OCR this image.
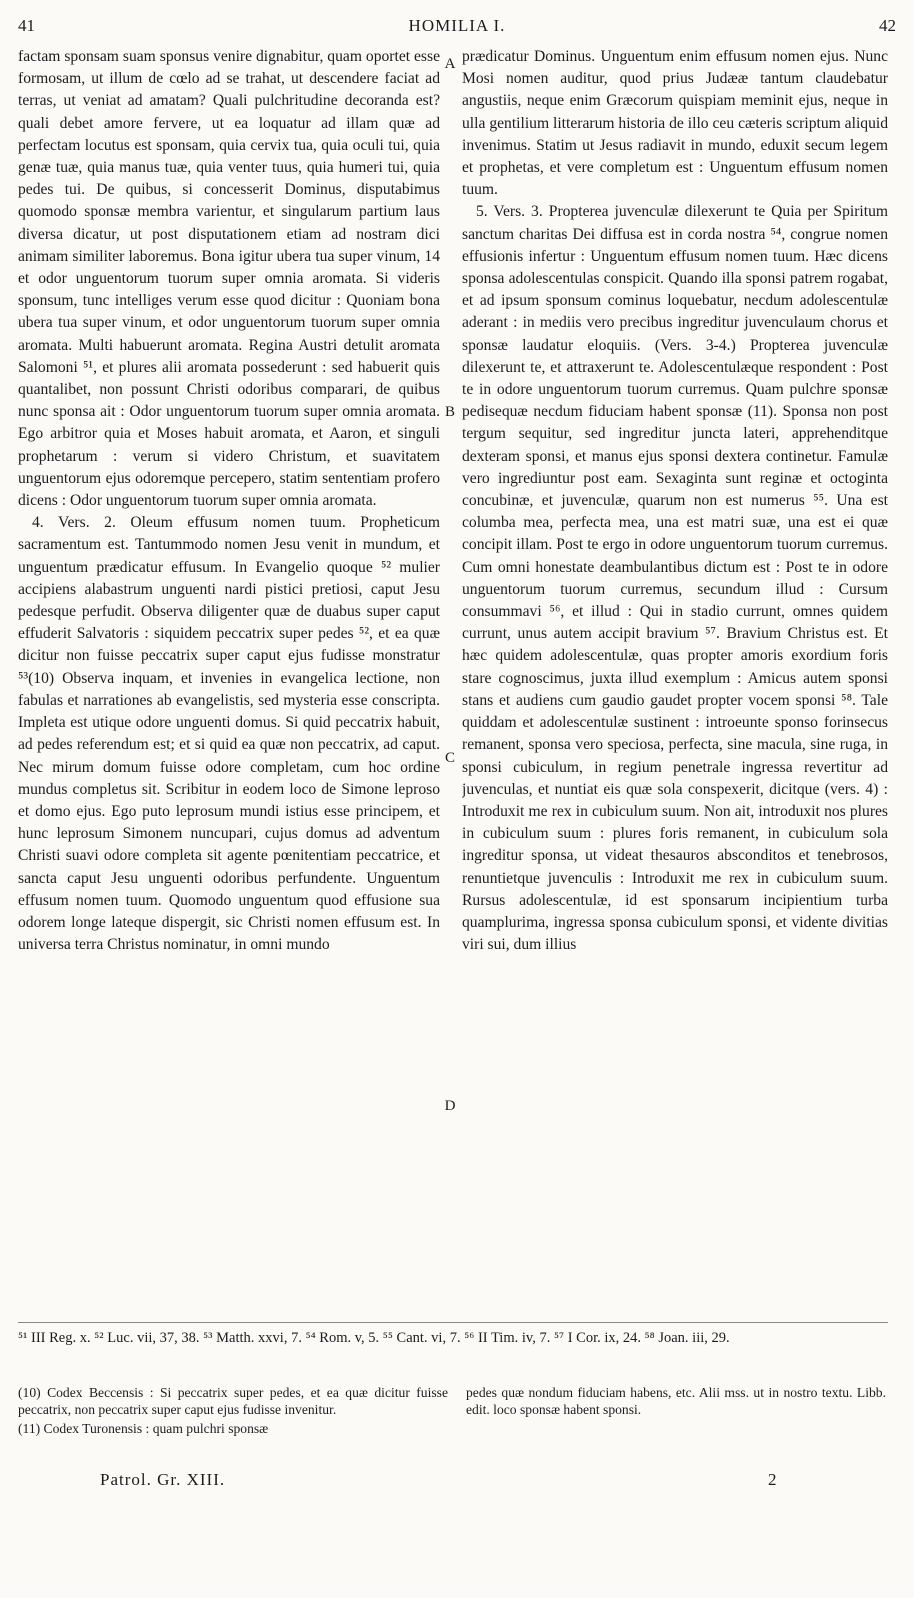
41	HOMILIA I.	42

factam sponsam suam sponsus venire dignabitur, quam oportet esse formosam, ut illum de cœlo ad se trahat, ut descendere faciat ad terras, ut veniat ad amatam? Quali pulchritudine decoranda est? quali debet amore fervere, ut ea loquatur ad illam quæ ad perfectam locutus est sponsam, quia cervix tua, quia oculi tui, quia genæ tuæ, quia manus tuæ, quia venter tuus, quia humeri tui, quia pedes tui. De quibus, si concesserit Dominus, disputabimus quomodo sponsæ membra varientur, et singularum partium laus diversa dicatur, ut post disputationem etiam ad nostram dici animam similiter laboremus. Bona igitur ubera tua super vinum, 14 et odor unguentorum tuorum super omnia aromata. Si videris sponsum, tunc intelliges verum esse quod dicitur : Quoniam bona ubera tua super vinum, et odor unguentorum tuorum super omnia aromata. Multi habuerunt aromata. Regina Austri detulit aromata Salomoni ⁵¹, et plures alii aromata possederunt : sed habuerit quis quantalibet, non possunt Christi odoribus comparari, de quibus nunc sponsa ait : Odor unguentorum tuorum super omnia aromata. Ego arbitror quia et Moses habuit aromata, et Aaron, et singuli prophetarum : verum si videro Christum, et suavitatem unguentorum ejus odoremque percepero, statim sententiam profero dicens : Odor unguentorum tuorum super omnia aromata.

4. Vers. 2. Oleum effusum nomen tuum. Propheticum sacramentum est. Tantummodo nomen Jesu venit in mundum, et unguentum prædicatur effusum. In Evangelio quoque ⁵² mulier accipiens alabastrum unguenti nardi pistici pretiosi, caput Jesu pedesque perfudit. Observa diligenter quæ de duabus super caput effuderit Salvatoris : siquidem peccatrix super pedes ⁵², et ea quæ dicitur non fuisse peccatrix super caput ejus fudisse monstratur ⁵³(10) Observa inquam, et invenies in evangelica lectione, non fabulas et narrationes ab evangelistis, sed mysteria esse conscripta. Impleta est utique odore unguenti domus. Si quid peccatrix habuit, ad pedes referendum est; et si quid ea quæ non peccatrix, ad caput. Nec mirum domum fuisse odore completam, cum hoc ordine mundus completus sit. Scribitur in eodem loco de Simone leproso et domo ejus. Ego puto leprosum mundi istius esse principem, et hunc leprosum Simonem nuncupari, cujus domus ad adventum Christi suavi odore completa sit agente pœnitentiam peccatrice, et sancta caput Jesu unguenti odoribus perfundente. Unguentum effusum nomen tuum. Quomodo unguentum quod effusione sua odorem longe lateque dispergit, sic Christi nomen effusum est. In universa terra Christus nominatur, in omni mundo

A
B
C
D

prædicatur Dominus. Unguentum enim effusum nomen ejus. Nunc Mosi nomen auditur, quod prius Judææ tantum claudebatur angustiis, neque enim Græcorum quispiam meminit ejus, neque in ulla gentilium litterarum historia de illo ceu cæteris scriptum aliquid invenimus. Statim ut Jesus radiavit in mundo, eduxit secum legem et prophetas, et vere completum est : Unguentum effusum nomen tuum.

5. Vers. 3. Propterea juvenculæ dilexerunt te Quia per Spiritum sanctum charitas Dei diffusa est in corda nostra ⁵⁴, congrue nomen effusionis infertur : Unguentum effusum nomen tuum. Hæc dicens sponsa adolescentulas conspicit. Quando illa sponsi patrem rogabat, et ad ipsum sponsum cominus loquebatur, necdum adolescentulæ aderant : in mediis vero precibus ingreditur juvenculaum chorus et sponsæ laudatur eloquiis. (Vers. 3-4.) Propterea juvenculæ dilexerunt te, et attraxerunt te. Adolescentulæque respondent : Post te in odore unguentorum tuorum curremus. Quam pulchre sponsæ pedisequæ necdum fiduciam habent sponsæ (11). Sponsa non post tergum sequitur, sed ingreditur juncta lateri, apprehenditque dexteram sponsi, et manus ejus sponsi dextera continetur. Famulæ vero ingrediuntur post eam. Sexaginta sunt reginæ et octoginta concubinæ, et juvenculæ, quarum non est numerus ⁵⁵. Una est columba mea, perfecta mea, una est matri suæ, una est ei quæ concipit illam. Post te ergo in odore unguentorum tuorum curremus. Cum omni honestate deambulantibus dictum est : Post te in odore unguentorum tuorum curremus, secundum illud : Cursum consummavi ⁵⁶, et illud : Qui in stadio currunt, omnes quidem currunt, unus autem accipit bravium ⁵⁷. Bravium Christus est. Et hæc quidem adolescentulæ, quas propter amoris exordium foris stare cognoscimus, juxta illud exemplum : Amicus autem sponsi stans et audiens cum gaudio gaudet propter vocem sponsi ⁵⁸. Tale quiddam et adolescentulæ sustinent : introeunte sponso forinsecus remanent, sponsa vero speciosa, perfecta, sine macula, sine ruga, in sponsi cubiculum, in regium penetrale ingressa revertitur ad juvenculas, et nuntiat eis quæ sola conspexerit, dicitque (vers. 4) : Introduxit me rex in cubiculum suum. Non ait, introduxit nos plures in cubiculum suum : plures foris remanent, in cubiculum sola ingreditur sponsa, ut videat thesauros absconditos et tenebrosos, renuntietque juvenculis : Introduxit me rex in cubiculum suum. Rursus adolescentulæ, id est sponsarum incipientium turba quamplurima, ingressa sponsa cubiculum sponsi, et vidente divitias viri sui, dum illius

⁵¹ III Reg. x. ⁵² Luc. vii, 37, 38. ⁵³ Matth. xxvi, 7. ⁵⁴ Rom. v, 5. ⁵⁵ Cant. vi, 7. ⁵⁶ II Tim. iv, 7. ⁵⁷ I Cor. ix, 24. ⁵⁸ Joan. iii, 29.

(10) Codex Beccensis : Si peccatrix super pedes, et ea quæ dicitur fuisse peccatrix, non peccatrix super caput ejus fudisse invenitur.

(11) Codex Turonensis : quam pulchri sponsæ

pedes quæ nondum fiduciam habens, etc. Alii mss. ut in nostro textu. Libb. edit. loco sponsæ habent sponsi.

Patrol. Gr. XIII.	2
